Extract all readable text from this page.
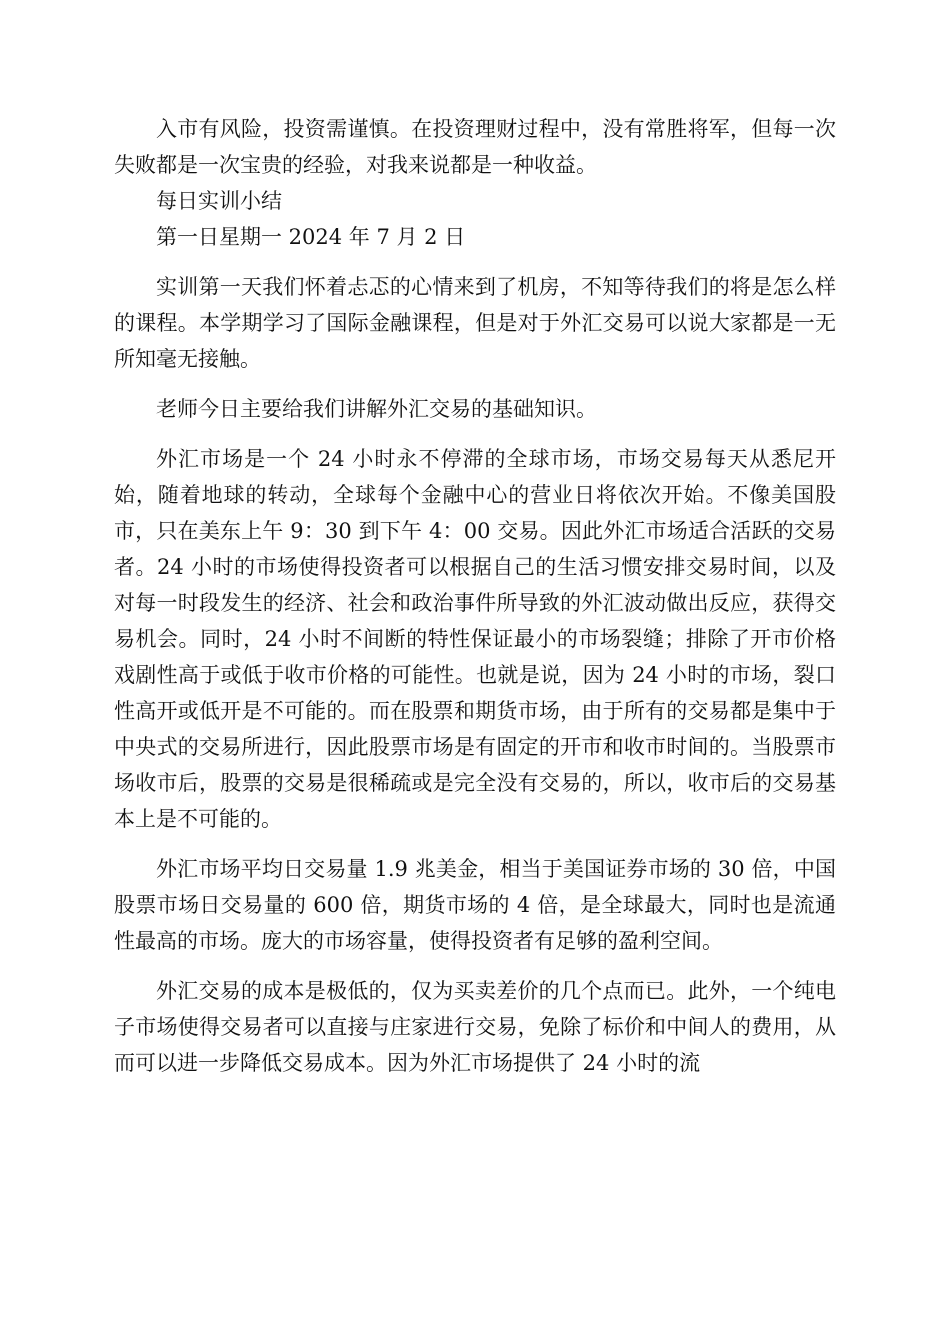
入市有风险，投资需谨慎。在投资理财过程中，没有常胜将军，但每一次失败都是一次宝贵的经验，对我来说都是一种收益。

每日实训小结

第一日星期一 2024 年 7 月 2 日

实训第一天我们怀着忐忑的心情来到了机房，不知等待我们的将是怎么样的课程。本学期学习了国际金融课程，但是对于外汇交易可以说大家都是一无所知毫无接触。

老师今日主要给我们讲解外汇交易的基础知识。

外汇市场是一个 24 小时永不停滞的全球市场，市场交易每天从悉尼开始，随着地球的转动，全球每个金融中心的营业日将依次开始。不像美国股市，只在美东上午 9：30 到下午 4：00 交易。因此外汇市场适合活跃的交易者。24 小时的市场使得投资者可以根据自己的生活习惯安排交易时间，以及对每一时段发生的经济、社会和政治事件所导致的外汇波动做出反应，获得交易机会。同时，24 小时不间断的特性保证最小的市场裂缝；排除了开市价格戏剧性高于或低于收市价格的可能性。也就是说，因为 24 小时的市场，裂口性高开或低开是不可能的。而在股票和期货市场，由于所有的交易都是集中于中央式的交易所进行，因此股票市场是有固定的开市和收市时间的。当股票市场收市后，股票的交易是很稀疏或是完全没有交易的，所以，收市后的交易基本上是不可能的。

外汇市场平均日交易量 1.9 兆美金，相当于美国证券市场的 30 倍，中国股票市场日交易量的 600 倍，期货市场的 4 倍，是全球最大，同时也是流通性最高的市场。庞大的市场容量，使得投资者有足够的盈利空间。

外汇交易的成本是极低的，仅为买卖差价的几个点而已。此外，一个纯电子市场使得交易者可以直接与庄家进行交易，免除了标价和中间人的费用，从而可以进一步降低交易成本。因为外汇市场提供了 24 小时的流
